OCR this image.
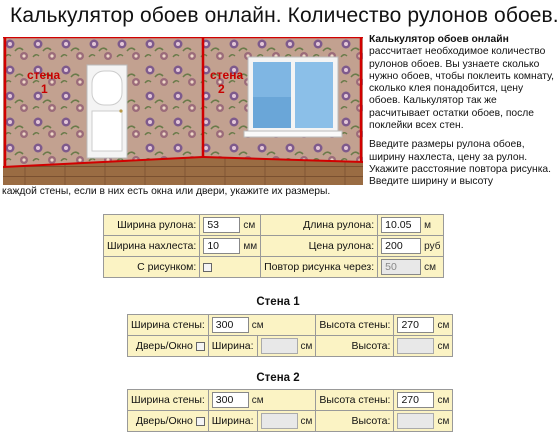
Калькулятор обоев онлайн. Количество рулонов обоев.
стена
1
стена
2

Калькулятор обоев онлайн рассчитает необходимое количество рулонов обоев. Вы узнаете сколько нужно обоев, чтобы поклеить комнату, сколько клея понадобится, цену обоев. Калькулятор так же расчитывает остатки обоев, после поклейки всех стен.

Введите размеры рулона обоев, ширину нахлеста, цену за рулон. Укажите расстояние повтора рисунка. Введите ширину и высоту

каждой стены, если в них есть окна или двери, укажите их размеры.
Ширина рулона:	53 см	Длина рулона:	10.05 м
Ширина нахлеста:	10 мм	Цена рулона:	200 руб
С рисунком:		Повтор рисунка через:	50 см
Стена 1
Ширина стены:	300 см		Высота стены:	270 см
Дверь/Окно	Ширина:	см	Высота:	см
Стена 2
Ширина стены:	300 см		Высота стены:	270 см
Дверь/Окно	Ширина:	см	Высота:	см
